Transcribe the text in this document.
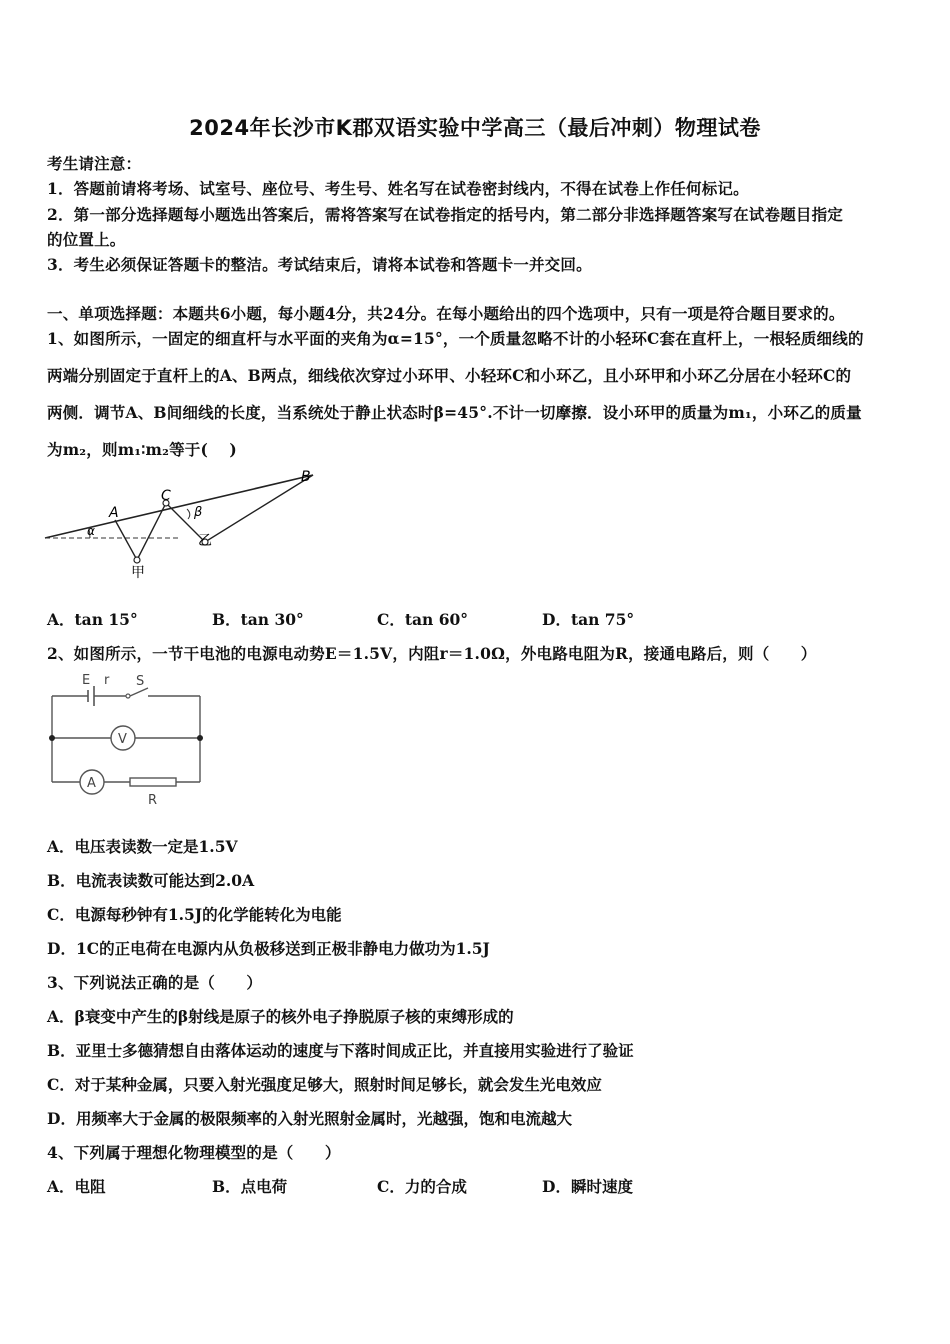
2024年长沙市K郡双语实验中学高三（最后冲刺）物理试卷
考生请注意：
1．答题前请将考场、试室号、座位号、考生号、姓名写在试卷密封线内，不得在试卷上作任何标记。
2．第一部分选择题每小题选出答案后，需将答案写在试卷指定的括号内，第二部分非选择题答案写在试卷题目指定
的位置上。
3．考生必须保证答题卡的整洁。考试结束后，请将本试卷和答题卡一并交回。
一、单项选择题：本题共6小题，每小题4分，共24分。在每小题给出的四个选项中，只有一项是符合题目要求的。
1、如图所示，一固定的细直杆与水平面的夹角为α=15°，一个质量忽略不计的小轻环C套在直杆上，一根轻质细线的
两端分别固定于直杆上的A、B两点，细线依次穿过小环甲、小轻环C和小环乙，且小环甲和小环乙分居在小轻环C的
两侧．调节A、B间细线的长度，当系统处于静止状态时β=45°.不计一切摩擦．设小环甲的质量为m₁，小环乙的质量
为m₂，则m₁∶m₂等于(　 )
A
B
C
α
β
甲
乙
A．tan 15°	B．tan 30°	C．tan 60°	D．tan 75°
2、如图所示，一节干电池的电源电动势E＝1.5V，内阻r＝1.0Ω，外电路电阻为R，接通电路后，则（　　）
E r S
V
A
R
A．电压表读数一定是1.5V
B．电流表读数可能达到2.0A
C．电源每秒钟有1.5J的化学能转化为电能
D．1C的正电荷在电源内从负极移送到正极非静电力做功为1.5J
3、下列说法正确的是（　　）
A．β衰变中产生的β射线是原子的核外电子挣脱原子核的束缚形成的
B．亚里士多德猜想自由落体运动的速度与下落时间成正比，并直接用实验进行了验证
C．对于某种金属，只要入射光强度足够大，照射时间足够长，就会发生光电效应
D．用频率大于金属的极限频率的入射光照射金属时，光越强，饱和电流越大
4、下列属于理想化物理模型的是（　　）
A．电阻	B．点电荷	C．力的合成	D．瞬时速度
